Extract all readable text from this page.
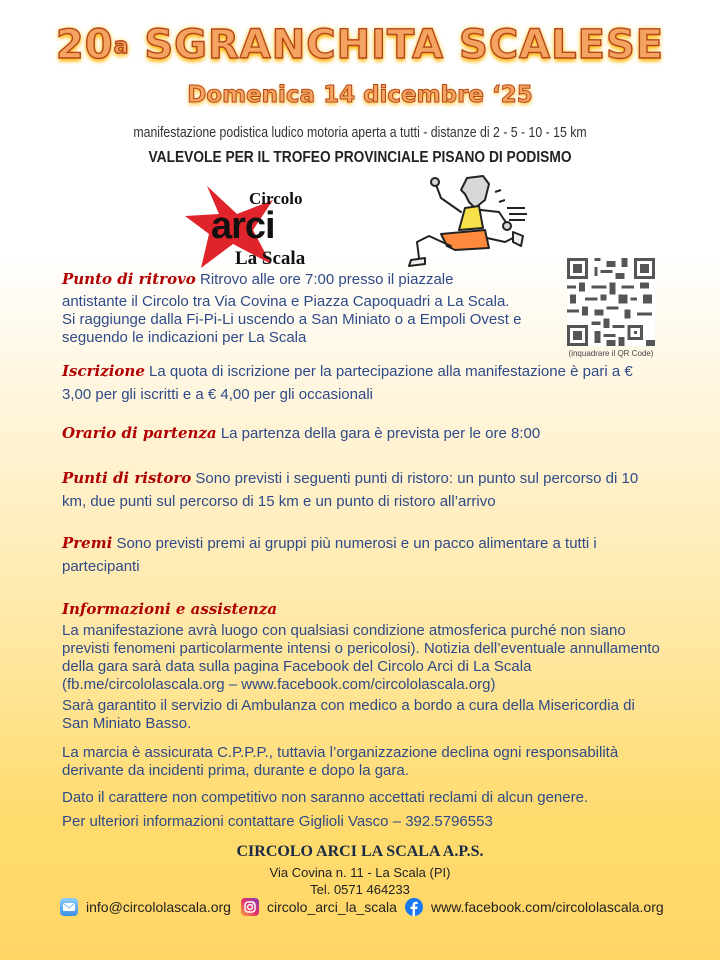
20$^a$ SGRANCHITA SCALESE
Domenica 14 dicembre ‘25
manifestazione podistica ludico motoria aperta a tutti - distanze di 2 - 5 - 10 - 15 km
VALEVOLE PER IL TROFEO PROVINCIALE PISANO DI PODISMO
Circolo
arci
La Scala
(inquadrare il QR Code)
Punto di ritrovo Ritrovo alle ore 7:00 presso il piazzale
antistante il Circolo tra Via Covina e Piazza Capoquadri a La Scala.
Si raggiunge dalla Fi-Pi-Li uscendo a San Miniato o a Empoli Ovest e
seguendo le indicazioni per La Scala
Iscrizione La quota di iscrizione per la partecipazione alla manifestazione è pari a € 3,00 per gli iscritti e a € 4,00 per gli occasionali
Orario di partenza La partenza della gara è prevista per le ore 8:00
Punti di ristoro Sono previsti i seguenti punti di ristoro: un punto sul percorso di 10 km, due punti sul percorso di 15 km e un punto di ristoro all’arrivo
Premi Sono previsti premi ai gruppi più numerosi e un pacco alimentare a tutti i partecipanti
Informazioni e assistenza
La manifestazione avrà luogo con qualsiasi condizione atmosferica purché non siano previsti fenomeni particolarmente intensi o pericolosi). Notizia dell’eventuale annullamento della gara sarà data sulla pagina Facebook del Circolo Arci di La Scala (fb.me/circololascala.org – www.facebook.com/circololascala.org)
Sarà garantito il servizio di Ambulanza con medico a bordo a cura della Misericordia di San Miniato Basso.
La marcia è assicurata C.P.P.P., tuttavia l’organizzazione declina ogni responsabilità derivante da incidenti prima, durante e dopo la gara.
Dato il carattere non competitivo non saranno accettati reclami di alcun genere.
Per ulteriori informazioni contattare Giglioli Vasco – 392.5796553
CIRCOLO ARCI LA SCALA A.P.S.
Via Covina n. 11 - La Scala (PI)
Tel. 0571 464233
info@circololascala.org	circolo_arci_la_scala www.facebook.com/circololascala.org
